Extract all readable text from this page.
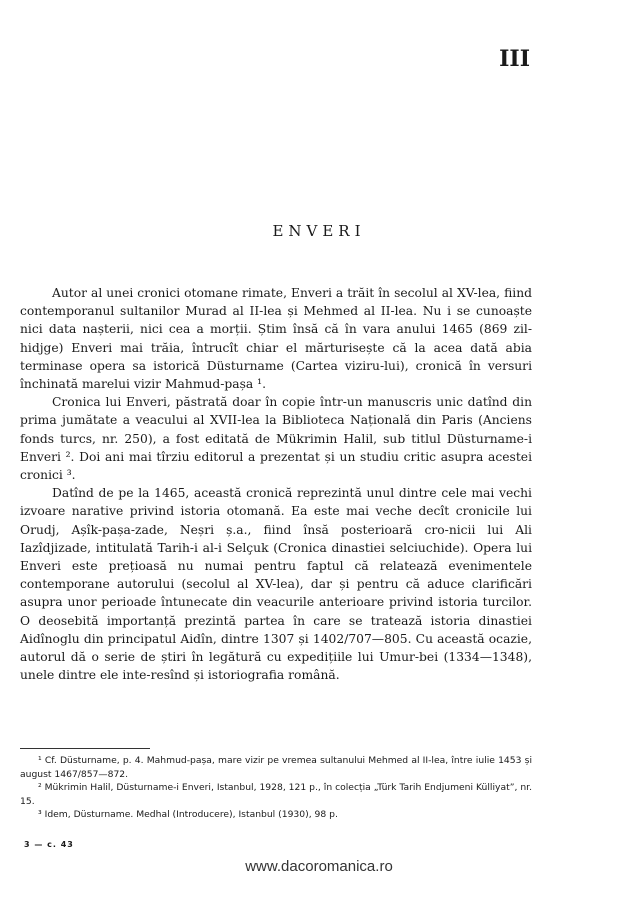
III
ENVERI

Autor al unei cronici otomane rimate, Enveri a trăit în secolul al XV-lea, fiind contemporanul sultanilor Murad al II-lea și Mehmed al II-lea. Nu i se cunoaște nici data nașterii, nici cea a morții. Știm însă că în vara anului 1465 (869 zil-hidjge) Enveri mai trăia, întrucît chiar el mărturisește că la acea dată abia terminase opera sa istorică Düsturname (Cartea viziru-lui), cronică în versuri închinată marelui vizir Mahmud-pașa ¹.

Cronica lui Enveri, păstrată doar în copie într-un manuscris unic datînd din prima jumătate a veacului al XVII-lea la Biblioteca Națională din Paris (Anciens fonds turcs, nr. 250), a fost editată de Mükrimin Halil, sub titlul Düsturname-i Enveri ². Doi ani mai tîrziu editorul a prezentat și un studiu critic asupra acestei cronici ³.

Datînd de pe la 1465, această cronică reprezintă unul dintre cele mai vechi izvoare narative privind istoria otomană. Ea este mai veche decît cronicile lui Orudj, Așîk-pașa-zade, Neșri ș.a., fiind însă posterioară cro-nicii lui Ali Iazîdjizade, intitulată Tarih-i al-i Selçuk (Cronica dinastiei selciuchide). Opera lui Enveri este prețioasă nu numai pentru faptul că relatează evenimentele contemporane autorului (secolul al XV-lea), dar și pentru că aduce clarificări asupra unor perioade întunecate din veacurile anterioare privind istoria turcilor. O deosebită importanță prezintă partea în care se tratează istoria dinastiei Aidînoglu din principatul Aidîn, dintre 1307 și 1402/707—805. Cu această ocazie, autorul dă o serie de știri în legătură cu expedițiile lui Umur-bei (1334—1348), unele dintre ele inte-resînd și istoriografia română.

¹ Cf. Düsturname, p. 4. Mahmud-pașa, mare vizir pe vremea sultanului Mehmed al II-lea, între iulie 1453 și august 1467/857—872.

² Mükrimin Halil, Düsturname-i Enveri, Istanbul, 1928, 121 p., în colecția „Türk Tarih Endjumeni Külliyat”, nr. 15.

³ Idem, Düsturname. Medhal (Introducere), Istanbul (1930), 98 p.

3 — c. 43
www.dacoromanica.ro
